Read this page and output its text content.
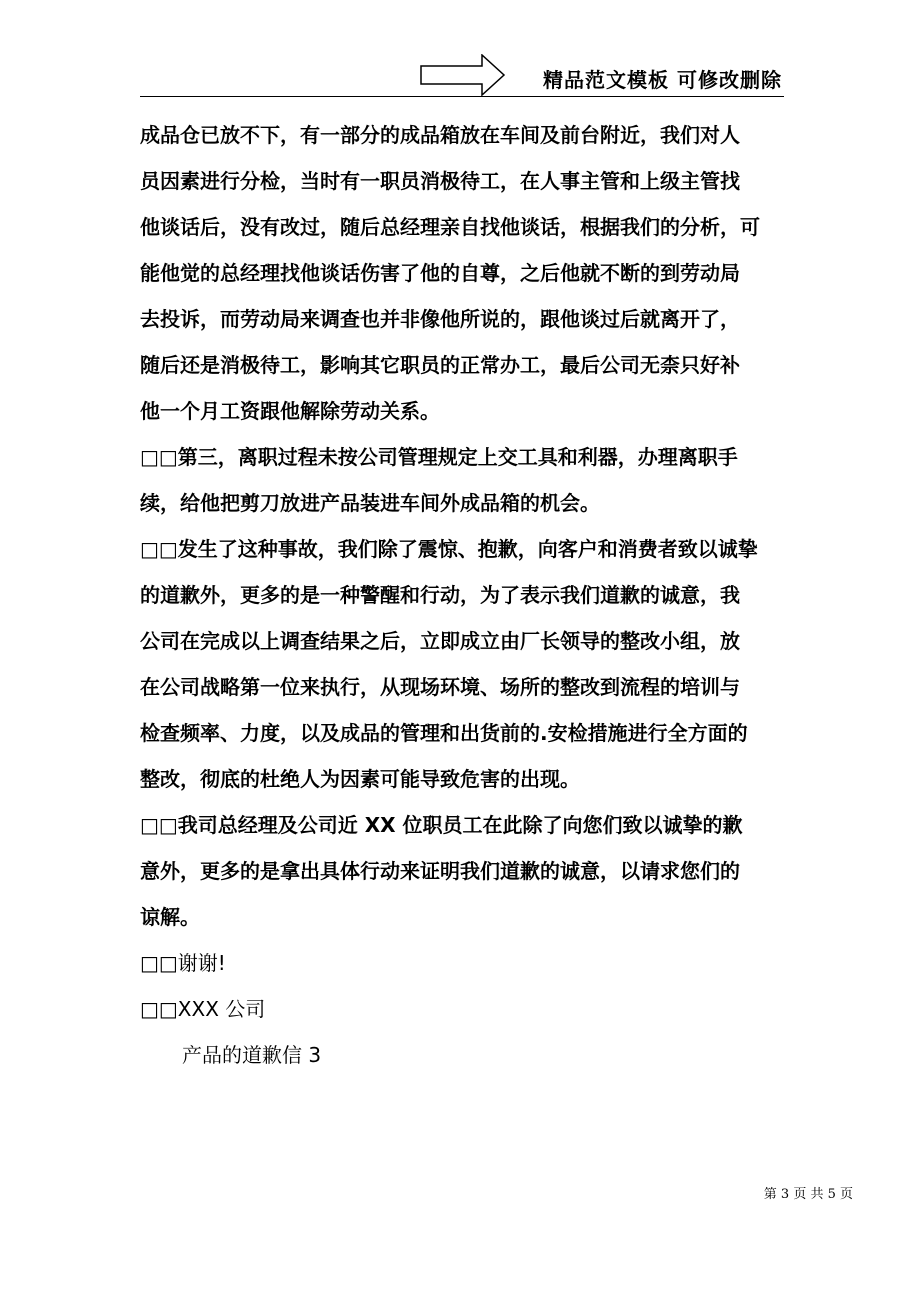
精品范文模板 可修改删除
成品仓已放不下，有一部分的成品箱放在车间及前台附近，我们对人
员因素进行分检，当时有一职员消极待工，在人事主管和上级主管找
他谈话后，没有改过，随后总经理亲自找他谈话，根据我们的分析，可
能他觉的总经理找他谈话伤害了他的自尊，之后他就不断的到劳动局
去投诉，而劳动局来调查也并非像他所说的，跟他谈过后就离开了，
随后还是消极待工，影响其它职员的正常办工，最后公司无柰只好补
他一个月工资跟他解除劳动关系。
□□第三，离职过程未按公司管理规定上交工具和利器，办理离职手
续，给他把剪刀放进产品装进车间外成品箱的机会。
□□发生了这种事故，我们除了震惊、抱歉，向客户和消费者致以诚挚
的道歉外，更多的是一种警醒和行动，为了表示我们道歉的诚意，我
公司在完成以上调查结果之后，立即成立由厂长领导的整改小组，放
在公司战略第一位来执行，从现场环境、场所的整改到流程的培训与
检查频率、力度，以及成品的管理和出货前的.安检措施进行全方面的
整改，彻底的杜绝人为因素可能导致危害的出现。
□□我司总经理及公司近 XX 位职员工在此除了向您们致以诚挚的歉
意外，更多的是拿出具体行动来证明我们道歉的诚意，以请求您们的
谅解。
□□谢谢!
□□XXX 公司
产品的道歉信 3
第 3 页 共 5 页
